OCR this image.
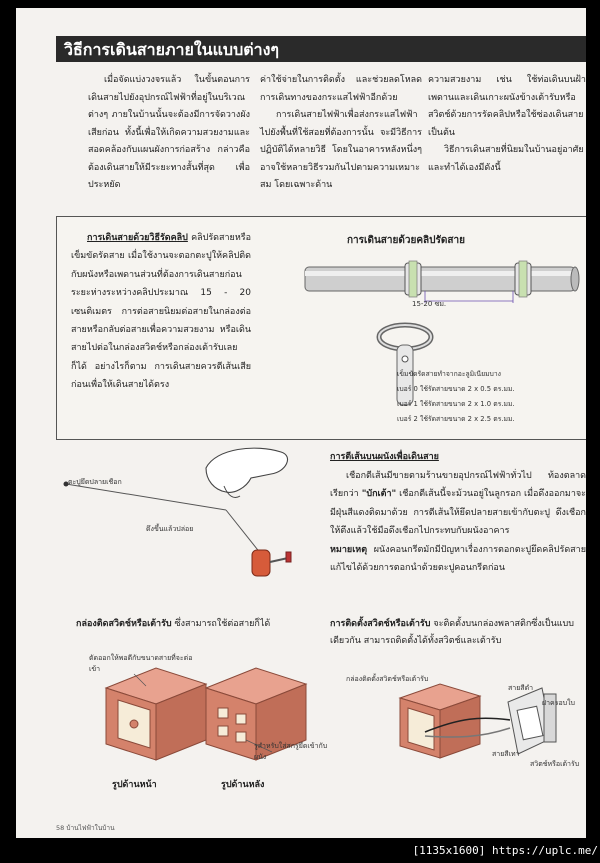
วิธีการเดินสายภายในแบบต่างๆ

เมื่อจัดแบ่งวงจรแล้ว ในขั้นตอนการเดินสายไปยังอุปกรณ์ไฟฟ้าที่อยู่ในบริเวณต่างๆ ภายในบ้านนั้นจะต้องมีการจัดวางผังเสียก่อน ทั้งนี้เพื่อให้เกิดความสวยงามและสอดคล้องกับแผนผังการก่อสร้าง กล่าวคือ ต้องเดินสายให้มีระยะทางสั้นที่สุด เพื่อประหยัด

ค่าใช้จ่ายในการติดตั้ง และช่วยลดโหลดการเดินทางของกระแสไฟฟ้าอีกด้วย

การเดินสายไฟฟ้าเพื่อส่งกระแสไฟฟ้าไปยังพื้นที่ใช้สอยที่ต้องการนั้น จะมีวิธีการปฏิบัติได้หลายวิธี โดยในอาคารหลังหนึ่งๆ อาจใช้หลายวิธีรวมกันไปตามความเหมาะสม โดยเฉพาะด้าน

ความสวยงาม เช่น ใช้ท่อเดินบนฝ้าเพดานและเดินเกาะผนังข้างเต้ารับหรือสวิตช์ด้วยการรัดคลิปหรือใช้ซ่องเดินสาย เป็นต้น

วิธีการเดินสายที่นิยมในบ้านอยู่อาศัยและทำได้เองมีดังนี้

การเดินสายด้วยวิธีรัดคลิป คลิปรัดสายหรือเข็มขัดรัดสาย เมื่อใช้งานจะตอกตะปูให้คลิปติดกับผนังหรือเพดานส่วนที่ต้องการเดินสายก่อน ระยะห่างระหว่างคลิปประมาณ 15 - 20 เซนติเมตร การต่อสายนิยมต่อสายในกล่องต่อสายหรือกลับต่อสายเพื่อความสวยงาม หรือเดินสายไปต่อในกล่องสวิตช์หรือกล่องเต้ารับเลยก็ได้ อย่างไรก็ตาม การเดินสายควรตีเส้นเสียก่อนเพื่อให้เดินสายได้ตรง
การเดินสายด้วยคลิปรัดสาย
15-20 ซม.
เข็มขัดรัดสายทำจากอะลูมิเนียมบาง
เบอร์ 0 ใช้รัดสายขนาด 2 x 0.5 ตร.มม.
เบอร์ 1 ใช้รัดสายขนาด 2 x 1.0 ตร.มม.
เบอร์ 2 ใช้รัดสายขนาด 2 x 2.5 ตร.มม.
ตะปูยึดปลายเชือก
ดึงขึ้นแล้วปล่อย
การตีเส้นบนผนังเพื่อเดินสาย

เชือกตีเส้นมีขายตามร้านขายอุปกรณ์ไฟฟ้าทั่วไป ท้องตลาดเรียกว่า "บักเต้า" เชือกตีเส้นนี้จะม้วนอยู่ในลูกรอก เมื่อดึงออกมาจะมีฝุ่นสีแดงติดมาด้วย การตีเส้นให้ยึดปลายสายเข้ากับตะปู ดึงเชือกให้ตึงแล้วใช้มือดึงเชือกไปกระทบกับผนังอาคาร

หมายเหตุ ผนังคอนกรีตมักมีปัญหาเรื่องการตอกตะปูยึดคลิปรัดสาย แก้ไขได้ด้วยการตอกนำด้วยตะปูคอนกรีตก่อน

กล่องติดสวิตช์หรือเต้ารับ ซึ่งสามารถใช้ต่อสายก็ได้
ตัดออกให้พอดีกับขนาดสายที่จะต่อเข้า
รูสำหรับใส่สกรูยึดเข้ากับผนัง
รูปด้านหน้า	รูปด้านหลัง
การติดตั้งสวิตช์หรือเต้ารับ จะติดตั้งบนกล่องพลาสติกซึ่งเป็นแบบเดียวกัน สามารถติดตั้งได้ทั้งสวิตช์และเต้ารับ
กล่องติดตั้งสวิตช์หรือเต้ารับ
สายสีดำ
ฝาครอบใบ
สายสีเทา
สวิตช์หรือเต้ารับ
58 บ้านไฟฟ้าในบ้าน
[1135x1600] https://uplc.me/
